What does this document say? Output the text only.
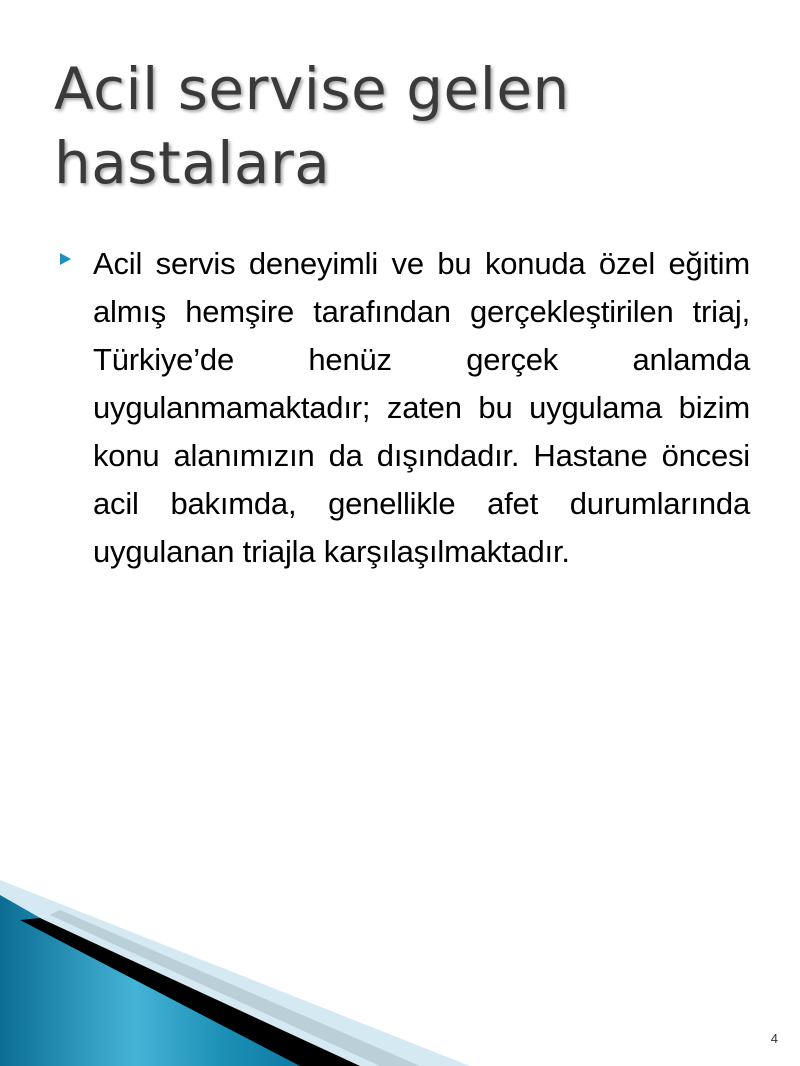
Acil servise gelen hastalara

Acil servis deneyimli ve bu konuda özel eğitim almış hemşire tarafından gerçekleştirilen triaj, Türkiye’de henüz gerçek anlamda uygulanmamaktadır; zaten bu uygulama bizim konu alanımızın da dışındadır. Hastane öncesi acil bakımda, genellikle afet durumlarında uygulanan triajla karşılaşılmaktadır.

4
